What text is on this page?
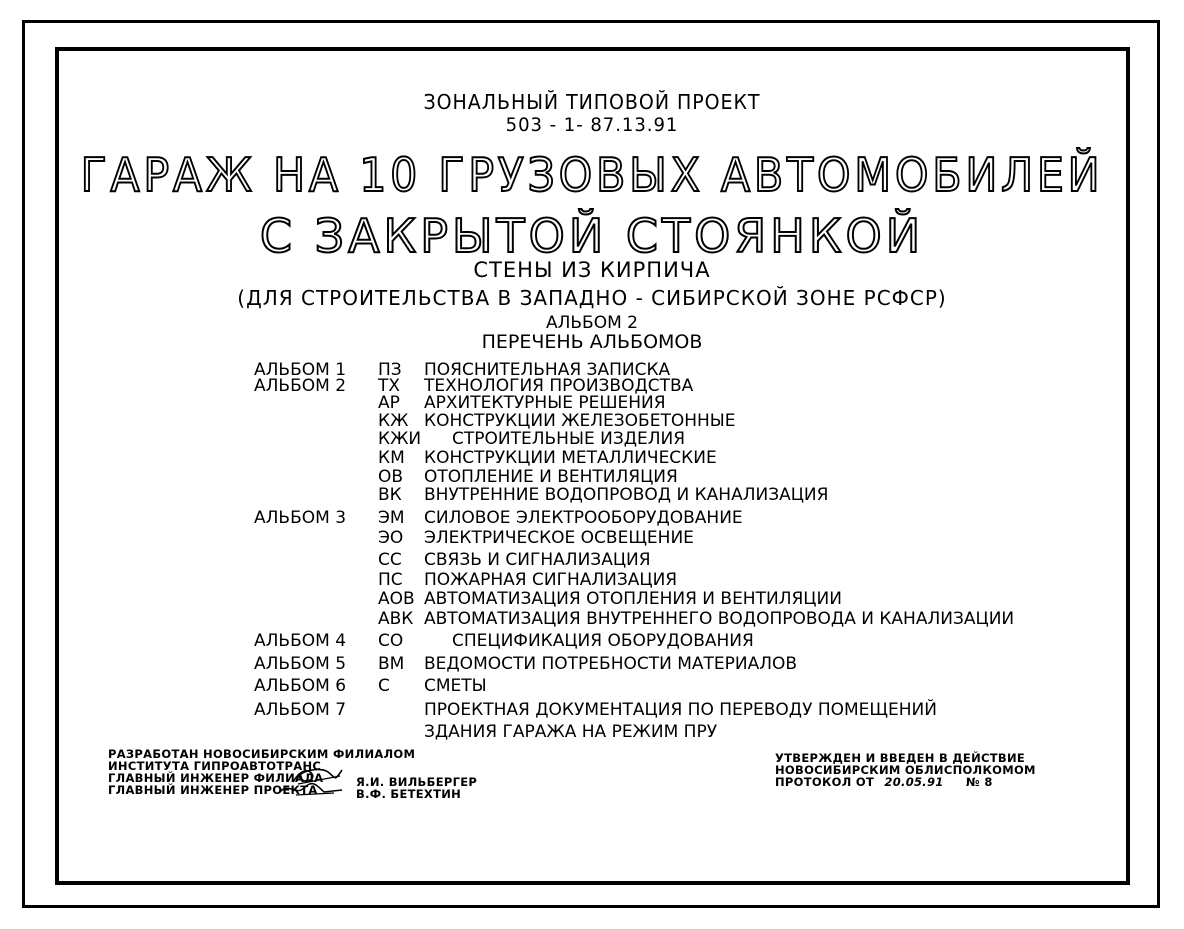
ЗОНАЛЬНЫЙ ТИПОВОЙ ПРОЕКТ
503 - 1- 87.13.91
ГАРАЖ НА 10 ГРУЗОВЫХ АВТОМОБИЛЕЙ
С ЗАКРЫТОЙ СТОЯНКОЙ
СТЕНЫ ИЗ КИРПИЧА
(ДЛЯ СТРОИТЕЛЬСТВА В ЗАПАДНО - СИБИРСКОЙ ЗОНЕ РСФСР)
АЛЬБОМ 2
ПЕРЕЧЕНЬ АЛЬБОМОВ
АЛЬБОМ 1 ПЗ ПОЯСНИТЕЛЬНАЯ ЗАПИСКА
АЛЬБОМ 2 ТХ ТЕХНОЛОГИЯ ПРОИЗВОДСТВА
АР АРХИТЕКТУРНЫЕ РЕШЕНИЯ
КЖ КОНСТРУКЦИИ ЖЕЛЕЗОБЕТОННЫЕ
КЖИ СТРОИТЕЛЬНЫЕ ИЗДЕЛИЯ
КМ КОНСТРУКЦИИ МЕТАЛЛИЧЕСКИЕ
ОВ ОТОПЛЕНИЕ И ВЕНТИЛЯЦИЯ
ВК ВНУТРЕННИЕ ВОДОПРОВОД И КАНАЛИЗАЦИЯ
АЛЬБОМ 3 ЭМ СИЛОВОЕ ЭЛЕКТРООБОРУДОВАНИЕ
ЭО ЭЛЕКТРИЧЕСКОЕ ОСВЕЩЕНИЕ
СС СВЯЗЬ И СИГНАЛИЗАЦИЯ
ПС ПОЖАРНАЯ СИГНАЛИЗАЦИЯ
АОВ АВТОМАТИЗАЦИЯ ОТОПЛЕНИЯ И ВЕНТИЛЯЦИИ
АВК АВТОМАТИЗАЦИЯ ВНУТРЕННЕГО ВОДОПРОВОДА И КАНАЛИЗАЦИИ
АЛЬБОМ 4 СО	СПЕЦИФИКАЦИЯ ОБОРУДОВАНИЯ
АЛЬБОМ 5 ВМ ВЕДОМОСТИ ПОТРЕБНОСТИ МАТЕРИАЛОВ
АЛЬБОМ 6 С СМЕТЫ
АЛЬБОМ 7	ПРОЕКТНАЯ ДОКУМЕНТАЦИЯ ПО ПЕРЕВОДУ ПОМЕЩЕНИЙ
ЗДАНИЯ ГАРАЖА НА РЕЖИМ ПРУ
РАЗРАБОТАН НОВОСИБИРСКИМ ФИЛИАЛОМ
ИНСТИТУТА ГИПРОАВТОТРАНС
ГЛАВНЫЙ ИНЖЕНЕР ФИЛИАЛА
ГЛАВНЫЙ ИНЖЕНЕР ПРОЕКТА
Я.И. ВИЛЬБЕРГЕР
В.Ф. БЕТЕХТИН
УТВЕРЖДЕН И ВВЕДЕН В ДЕЙСТВИЕ
НОВОСИБИРСКИМ ОБЛИСПОЛКОМОМ
ПРОТОКОЛ ОТ 20.05.91 № 8
